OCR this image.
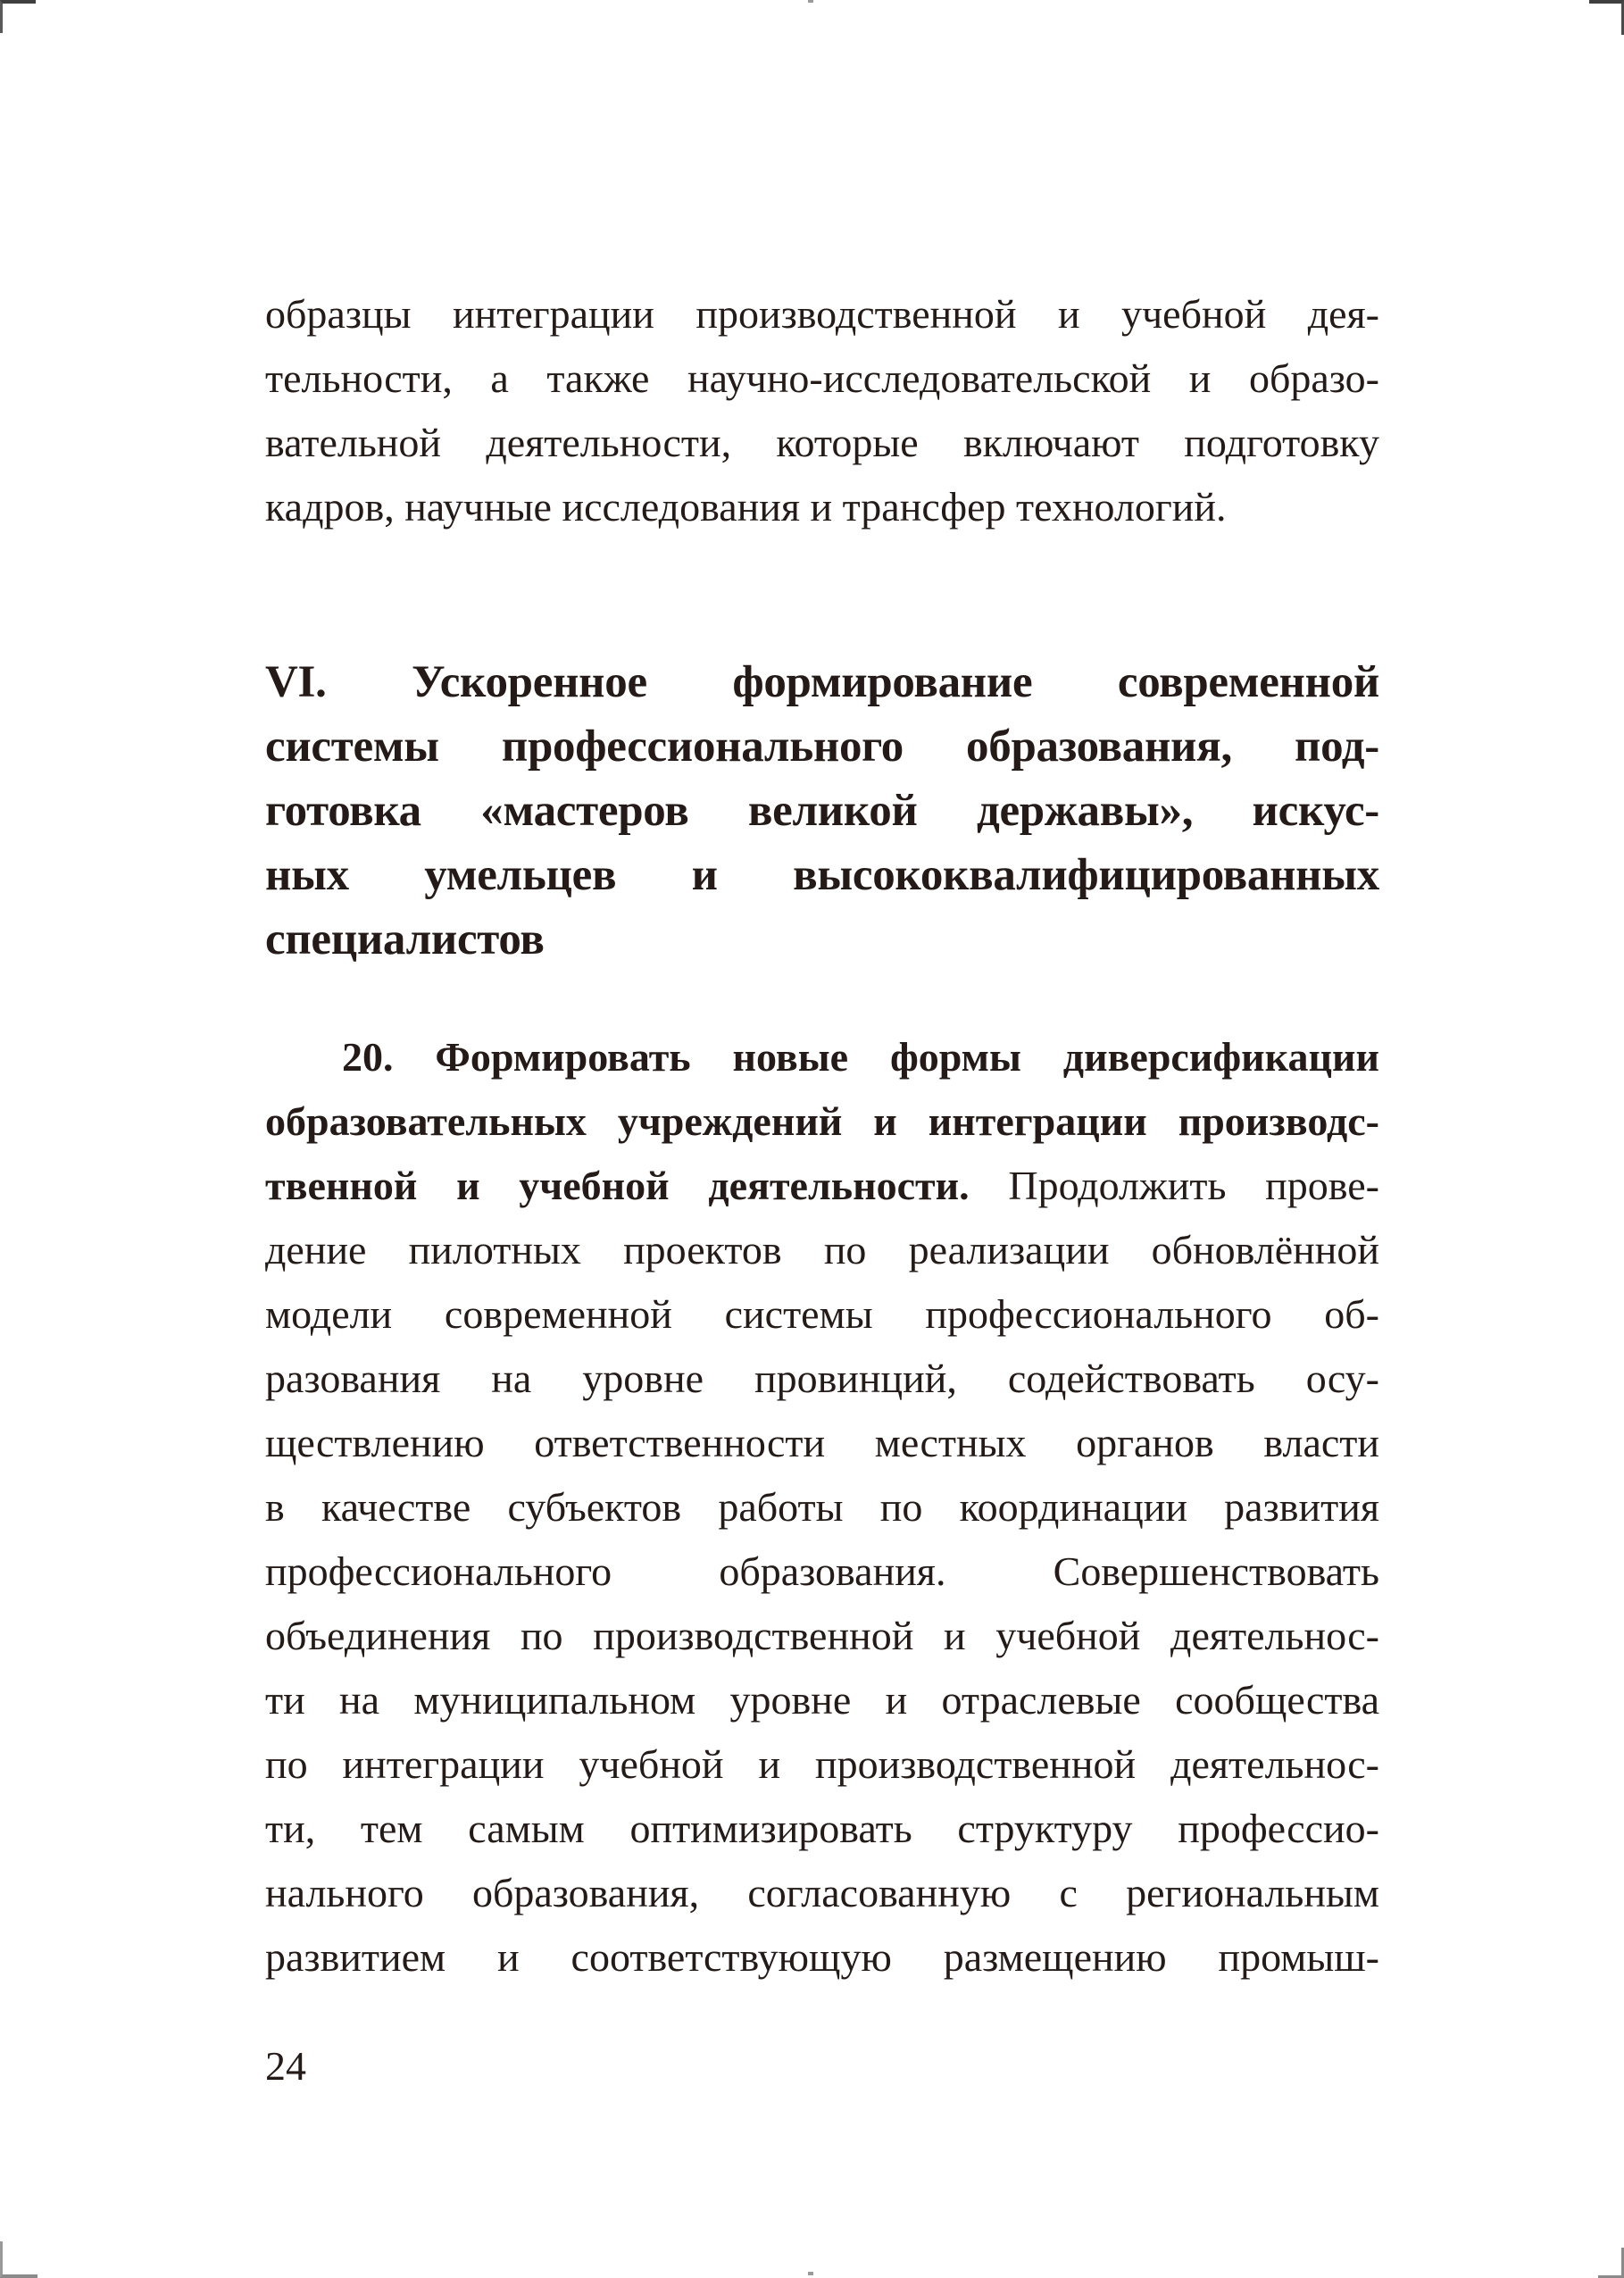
образцы интеграции производственной и учебной дея-
тельности, а также научно-исследовательской и образо-
вательной деятельности, которые включают подготовку
кадров, научные исследования и трансфер технологий.
VI. Ускоренное формирование современной
системы профессионального образования, под-
готовка «мастеров великой державы», искус-
ных умельцев и высококвалифицированных
специалистов
20. Формировать новые формы диверсификации
образовательных учреждений и интеграции производс-
твенной и учебной деятельности. Продолжить прове-
дение пилотных проектов по реализации обновлённой
модели современной системы профессионального об-
разования на уровне провинций, содействовать осу-
ществлению ответственности местных органов власти
в качестве субъектов работы по координации развития
профессионального образования. Совершенствовать
объединения по производственной и учебной деятельнос-
ти на муниципальном уровне и отраслевые сообщества
по интеграции учебной и производственной деятельнос-
ти, тем самым оптимизировать структуру профессио-
нального образования, согласованную с региональным
развитием и соответствующую размещению промыш-
24
